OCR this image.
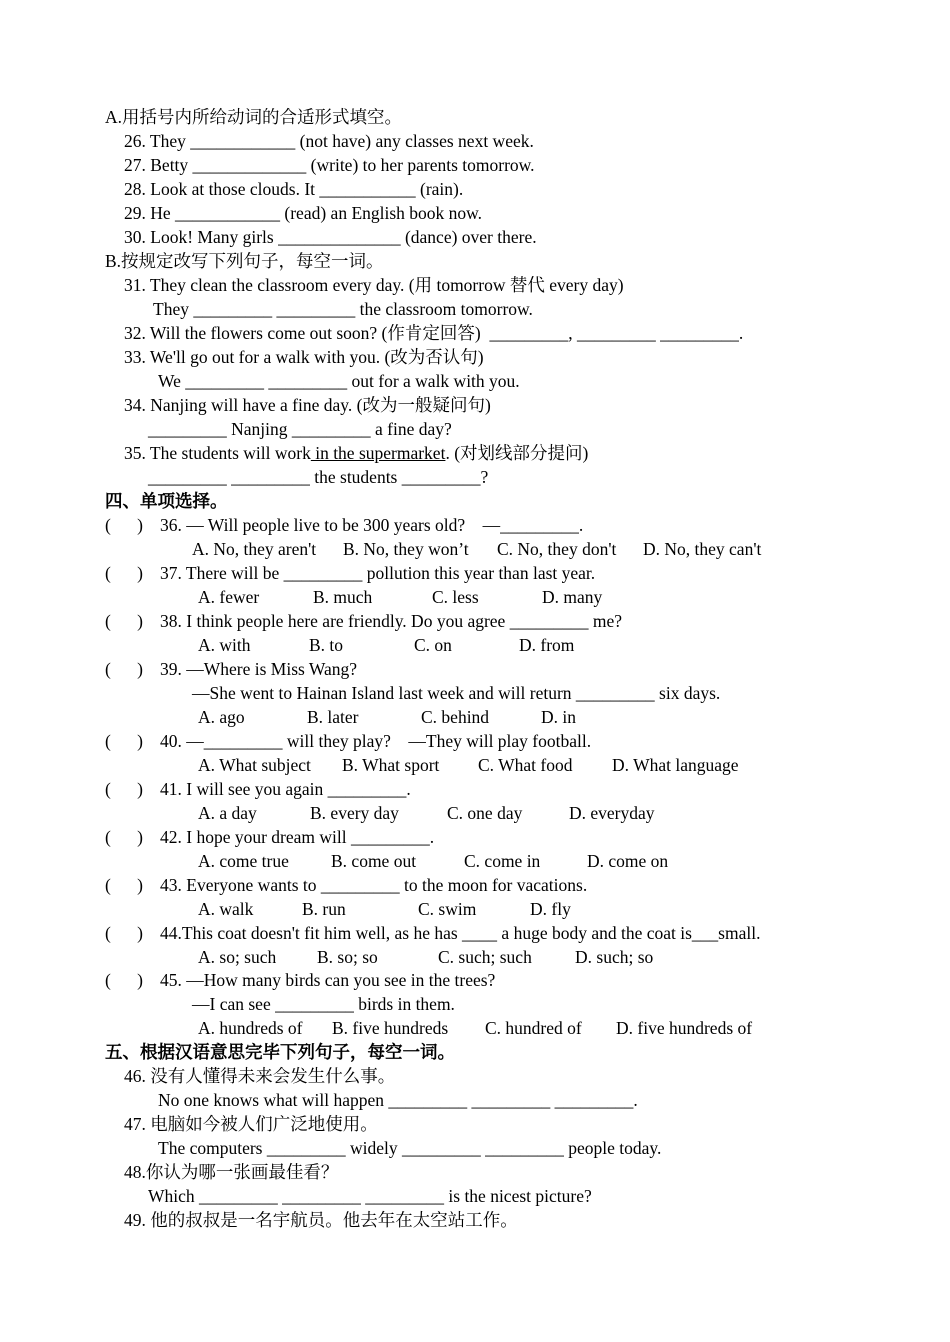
A.用括号内所给动词的合适形式填空。
26. They ____________ (not have) any classes next week.
27. Betty _____________ (write) to her parents tomorrow.
28. Look at those clouds. It ___________ (rain).
29. He ____________ (read) an English book now.
30. Look! Many girls ______________ (dance) over there.
B.按规定改写下列句子，每空一词。
31. They clean the classroom every day. (用 tomorrow 替代 every day)
They _________ _________ the classroom tomorrow.
32. Will the flowers come out soon? (作肯定回答)  _________, _________ _________.
33. We'll go out for a walk with you. (改为否认句)
We _________ _________ out for a walk with you.
34. Nanjing will have a fine day. (改为一般疑问句)
_________ Nanjing _________ a fine day?
35. The students will work in the supermarket. (对划线部分提问)
_________ _________ the students _________?
四、单项选择。
(      ) 36. — Will people live to be 300 years old?    —_________.
A. No, they aren't B. No, they won’t C. No, they don't D. No, they can't
(      ) 37. There will be _________ pollution this year than last year.
A. fewer	B. much	C. less	D. many
(      ) 38. I think people here are friendly. Do you agree _________ me?
A. with	B. to	C. on	D. from
(      ) 39. —Where is Miss Wang?
—She went to Hainan Island last week and will return _________ six days.
A. ago	B. later	C. behind	D. in
(      ) 40. —_________ will they play?    —They will play football.
A. What subject B. What sport C. What food D. What language
(      ) 41. I will see you again _________.
A. a day	B. every day	C. one day	D. everyday
(      ) 42. I hope your dream will _________.
A. come true B. come out	C. come in	D. come on
(      ) 43. Everyone wants to _________ to the moon for vacations.
A. walk	B. run	C. swim	D. fly
(      ) 44.This coat doesn't fit him well, as he has ____ a huge body and the coat is___small.
A. so; such B. so; so	C. such; such D. such; so
(      ) 45. —How many birds can you see in the trees?
—I can see _________ birds in them.
A. hundreds of B. five hundreds C. hundred of D. five hundreds of
五、根据汉语意思完毕下列句子，每空一词。
46. 没有人懂得未来会发生什么事。
No one knows what will happen _________ _________ _________.
47. 电脑如今被人们广泛地使用。
The computers _________ widely _________ _________ people today.
48.你认为哪一张画最佳看？
Which _________ _________ _________ is the nicest picture?
49. 他的叔叔是一名宇航员。他去年在太空站工作。
